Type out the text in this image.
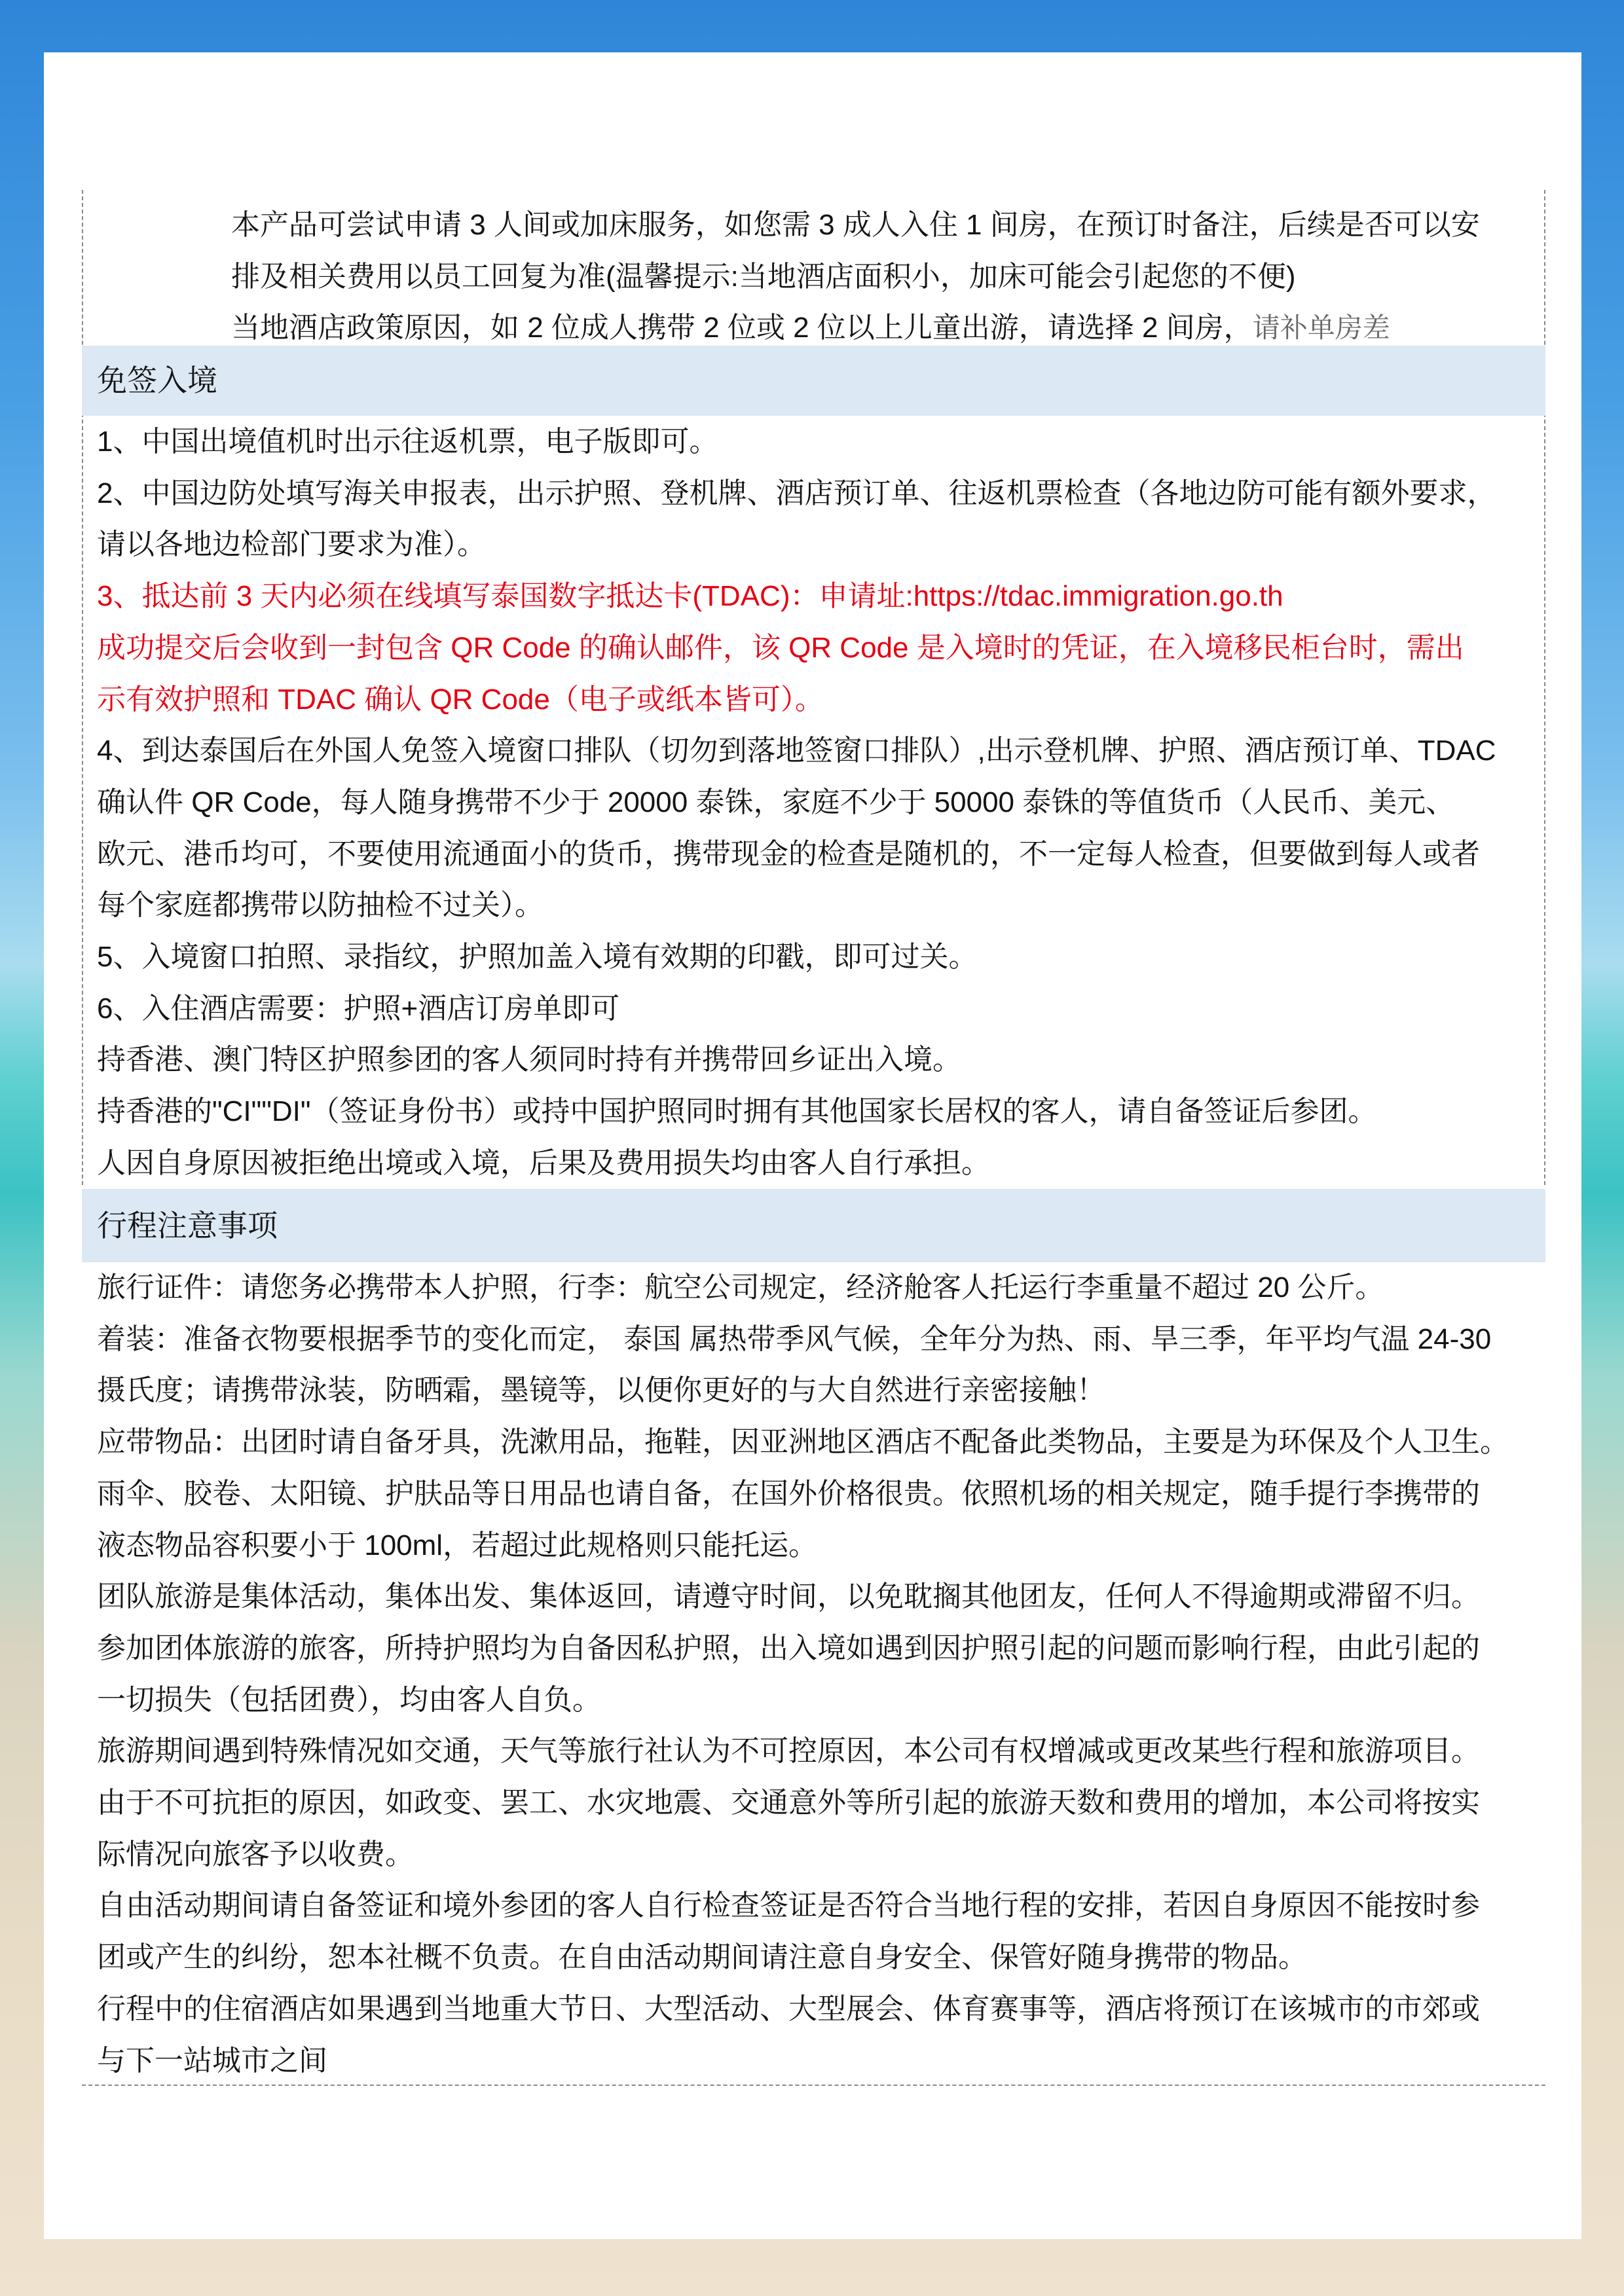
本产品可尝试申请 3 人间或加床服务，如您需 3 成人入住 1 间房，在预订时备注，后续是否可以安
排及相关费用以员工回复为准(温馨提示:当地酒店面积小，加床可能会引起您的不便)
当地酒店政策原因，如 2 位成人携带 2 位或 2 位以上儿童出游，请选择 2 间房，请补单房差
免签入境
1、中国出境值机时出示往返机票，电子版即可。
2、中国边防处填写海关申报表，出示护照、登机牌、酒店预订单、往返机票检查（各地边防可能有额外要求，
请以各地边检部门要求为准）。
3、抵达前 3 天内必须在线填写泰国数字抵达卡(TDAC)：申请址:https://tdac.immigration.go.th
成功提交后会收到一封包含 QR Code 的确认邮件，该 QR Code 是入境时的凭证，在入境移民柜台时，需出
示有效护照和 TDAC 确认 QR Code（电子或纸本皆可）。
4、到达泰国后在外国人免签入境窗口排队（切勿到落地签窗口排队）,出示登机牌、护照、酒店预订单、TDAC
确认件 QR Code，每人随身携带不少于 20000 泰铢，家庭不少于 50000 泰铢的等值货币（人民币、美元、
欧元、港币均可，不要使用流通面小的货币，携带现金的检查是随机的，不一定每人检查，但要做到每人或者
每个家庭都携带以防抽检不过关）。
5、入境窗口拍照、录指纹，护照加盖入境有效期的印戳，即可过关。
6、入住酒店需要：护照+酒店订房单即可
持香港、澳门特区护照参团的客人须同时持有并携带回乡证出入境。
持香港的"CI""DI"（签证身份书）或持中国护照同时拥有其他国家长居权的客人，请自备签证后参团。
人因自身原因被拒绝出境或入境，后果及费用损失均由客人自行承担。
行程注意事项
旅行证件：请您务必携带本人护照，行李：航空公司规定，经济舱客人托运行李重量不超过 20 公斤。
着装：准备衣物要根据季节的变化而定， 泰国 属热带季风气候，全年分为热、雨、旱三季，年平均气温 24-30
摄氏度；请携带泳装，防晒霜，墨镜等，以便你更好的与大自然进行亲密接触！
应带物品：出团时请自备牙具，洗漱用品，拖鞋，因亚洲地区酒店不配备此类物品，主要是为环保及个人卫生。
雨伞、胶卷、太阳镜、护肤品等日用品也请自备，在国外价格很贵。依照机场的相关规定，随手提行李携带的
液态物品容积要小于 100ml，若超过此规格则只能托运。
团队旅游是集体活动，集体出发、集体返回，请遵守时间，以免耽搁其他团友，任何人不得逾期或滞留不归。
参加团体旅游的旅客，所持护照均为自备因私护照，出入境如遇到因护照引起的问题而影响行程，由此引起的
一切损失（包括团费），均由客人自负。
旅游期间遇到特殊情况如交通，天气等旅行社认为不可控原因，本公司有权增减或更改某些行程和旅游项目。
由于不可抗拒的原因，如政变、罢工、水灾地震、交通意外等所引起的旅游天数和费用的增加，本公司将按实
际情况向旅客予以收费。
自由活动期间请自备签证和境外参团的客人自行检查签证是否符合当地行程的安排，若因自身原因不能按时参
团或产生的纠纷，恕本社概不负责。在自由活动期间请注意自身安全、保管好随身携带的物品。
行程中的住宿酒店如果遇到当地重大节日、大型活动、大型展会、体育赛事等，酒店将预订在该城市的市郊或
与下一站城市之间
